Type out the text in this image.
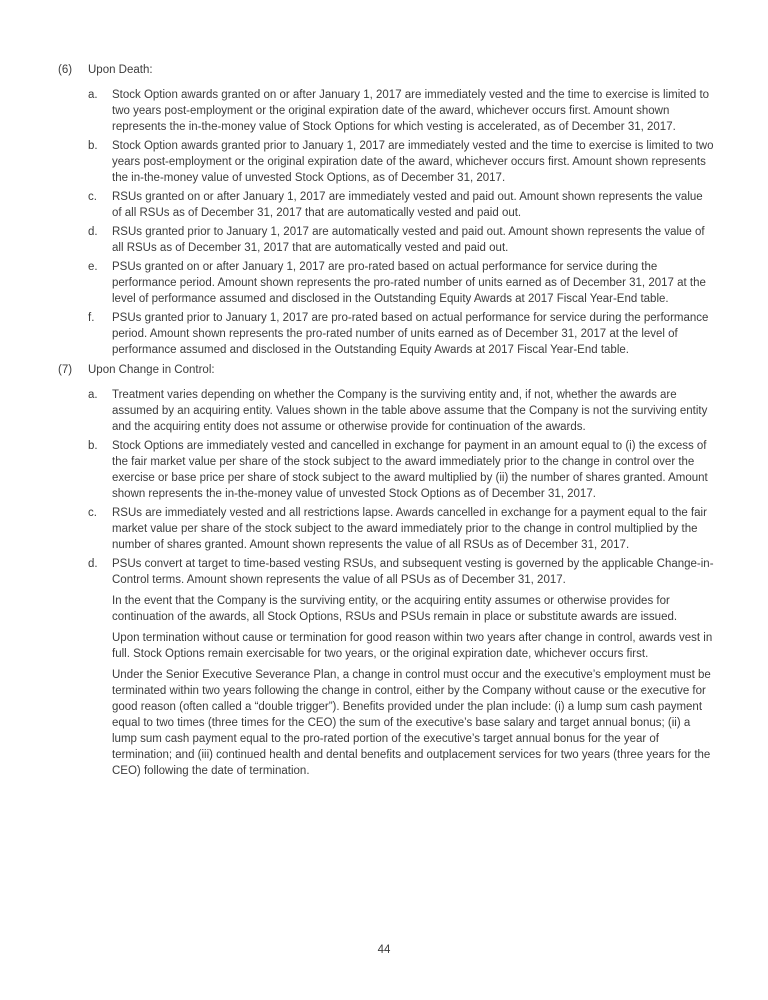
(6)	Upon Death:
a.	Stock Option awards granted on or after January 1, 2017 are immediately vested and the time to exercise is limited to two years post-employment or the original expiration date of the award, whichever occurs first. Amount shown represents the in-the-money value of Stock Options for which vesting is accelerated, as of December 31, 2017.

b.	Stock Option awards granted prior to January 1, 2017 are immediately vested and the time to exercise is limited to two years post-employment or the original expiration date of the award, whichever occurs first. Amount shown represents the in-the-money value of unvested Stock Options, as of December 31, 2017.

c.	RSUs granted on or after January 1, 2017 are immediately vested and paid out. Amount shown represents the value of all RSUs as of December 31, 2017 that are automatically vested and paid out.

d.	RSUs granted prior to January 1, 2017 are automatically vested and paid out. Amount shown represents the value of all RSUs as of December 31, 2017 that are automatically vested and paid out.

e.	PSUs granted on or after January 1, 2017 are pro-rated based on actual performance for service during the performance period. Amount shown represents the pro-rated number of units earned as of December 31, 2017 at the level of performance assumed and disclosed in the Outstanding Equity Awards at 2017 Fiscal Year-End table.

f.	PSUs granted prior to January 1, 2017 are pro-rated based on actual performance for service during the performance period. Amount shown represents the pro-rated number of units earned as of December 31, 2017 at the level of performance assumed and disclosed in the Outstanding Equity Awards at 2017 Fiscal Year-End table.

(7)	Upon Change in Control:
a.	Treatment varies depending on whether the Company is the surviving entity and, if not, whether the awards are assumed by an acquiring entity. Values shown in the table above assume that the Company is not the surviving entity and the acquiring entity does not assume or otherwise provide for continuation of the awards.

b.	Stock Options are immediately vested and cancelled in exchange for payment in an amount equal to (i) the excess of the fair market value per share of the stock subject to the award immediately prior to the change in control over the exercise or base price per share of stock subject to the award multiplied by (ii) the number of shares granted. Amount shown represents the in-the-money value of unvested Stock Options as of December 31, 2017.

c.	RSUs are immediately vested and all restrictions lapse. Awards cancelled in exchange for a payment equal to the fair market value per share of the stock subject to the award immediately prior to the change in control multiplied by the number of shares granted. Amount shown represents the value of all RSUs as of December 31, 2017.

d.	PSUs convert at target to time-based vesting RSUs, and subsequent vesting is governed by the applicable Change-in-Control terms. Amount shown represents the value of all PSUs as of December 31, 2017.

In the event that the Company is the surviving entity, or the acquiring entity assumes or otherwise provides for continuation of the awards, all Stock Options, RSUs and PSUs remain in place or substitute awards are issued.

Upon termination without cause or termination for good reason within two years after change in control, awards vest in full. Stock Options remain exercisable for two years, or the original expiration date, whichever occurs first.

Under the Senior Executive Severance Plan, a change in control must occur and the executive’s employment must be terminated within two years following the change in control, either by the Company without cause or the executive for good reason (often called a “double trigger”). Benefits provided under the plan include: (i) a lump sum cash payment equal to two times (three times for the CEO) the sum of the executive’s base salary and target annual bonus; (ii) a lump sum cash payment equal to the pro-rated portion of the executive’s target annual bonus for the year of termination; and (iii) continued health and dental benefits and outplacement services for two years (three years for the CEO) following the date of termination.

44
